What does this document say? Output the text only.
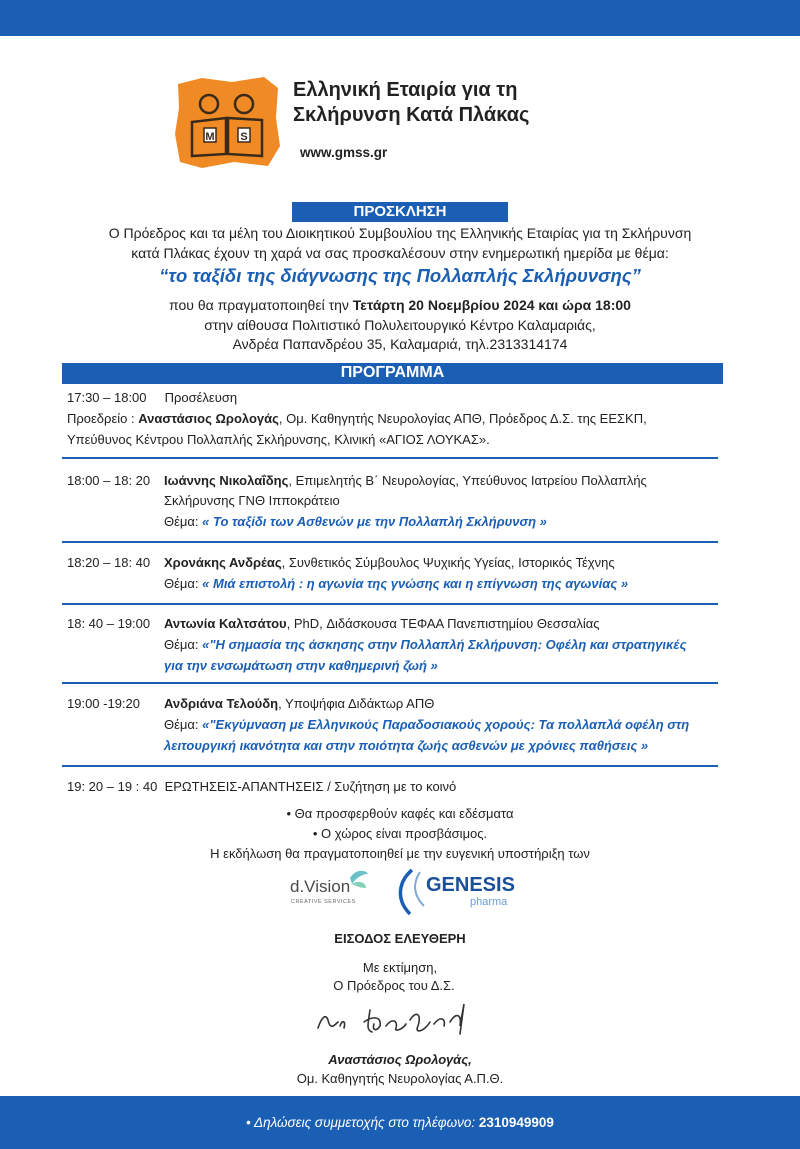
M S
Ελληνική Εταιρία για τη
Σκλήρυνση Κατά Πλάκας
www.gmss.gr
ΠΡΟΣΚΛΗΣΗ
Ο Πρόεδρος και τα μέλη του Διοικητικού Συμβουλίου της Ελληνικής Εταιρίας για τη Σκλήρυνση
κατά Πλάκας έχουν τη χαρά να σας προσκαλέσουν στην ενημερωτική ημερίδα με θέμα:
“το ταξίδι της διάγνωσης της Πολλαπλής Σκλήρυνσης”
που θα πραγματοποιηθεί την Τετάρτη 20 Νοεμβρίου 2024 και ώρα 18:00
στην αίθουσα Πολιτιστικό Πολυλειτουργικό Κέντρο Καλαμαριάς,
Ανδρέα Παπανδρέου 35, Καλαμαριά, τηλ.2313314174
ΠΡΟΓΡΑΜΜΑ
17:30 – 18:00 Προσέλευση
Προεδρείο : Αναστάσιος Ωρολογάς, Ομ. Καθηγητής Νευρολογίας ΑΠΘ, Πρόεδρος Δ.Σ. της ΕΕΣΚΠ,
Υπεύθυνος Κέντρου Πολλαπλής Σκλήρυνσης, Κλινική «ΑΓΙΟΣ ΛΟΥΚΑΣ».
18:00 – 18: 20 Ιωάννης Νικολαΐδης, Επιμελητής Β΄ Νευρολογίας, Υπεύθυνος Ιατρείου Πολλαπλής
Σκλήρυνσης ΓΝΘ Ιπποκράτειο
Θέμα: « Το ταξίδι των Ασθενών με την Πολλαπλή Σκλήρυνση »
18:20 – 18: 40 Χρονάκης Ανδρέας, Συνθετικός Σύμβουλος Ψυχικής Υγείας, Ιστορικός Τέχνης
Θέμα: « Μιά επιστολή : η αγωνία της γνώσης και η επίγνωση της αγωνίας »
18: 40 – 19:00 Αντωνία Καλτσάτου, PhD, Διδάσκουσα ΤΕΦΑΑ Πανεπιστημίου Θεσσαλίας
Θέμα: «"Η σημασία της άσκησης στην Πολλαπλή Σκλήρυνση: Οφέλη και στρατηγικές
για την ενσωμάτωση στην καθημερινή ζωή »
19:00 -19:20 Ανδριάνα Τελούδη, Υποψήφια Διδάκτωρ ΑΠΘ
Θέμα: «"Εκγύμναση με Ελληνικούς Παραδοσιακούς χορούς: Τα πολλαπλά οφέλη στη
λειτουργική ικανότητα και στην ποιότητα ζωής ασθενών με χρόνιες παθήσεις »
19: 20 – 19 : 40 ΕΡΩΤΗΣΕΙΣ-ΑΠΑΝΤΗΣΕΙΣ / Συζήτηση με το κοινό
• Θα προσφερθούν καφές και εδέσματα
• Ο χώρος είναι προσβάσιμος.
Η εκδήλωση θα πραγματοποιηθεί με την ευγενική υποστήριξη των
d.Vision
CREATIVE SERVICES
GENESIS
pharma
ΕΙΣΟΔΟΣ ΕΛΕΥΘΕΡΗ
Με εκτίμηση,
Ο Πρόεδρος του Δ.Σ.
Αναστάσιος Ωρολογάς,
Ομ. Καθηγητής Νευρολογίας Α.Π.Θ.
• Δηλώσεις συμμετοχής στο τηλέφωνο: 2310949909
